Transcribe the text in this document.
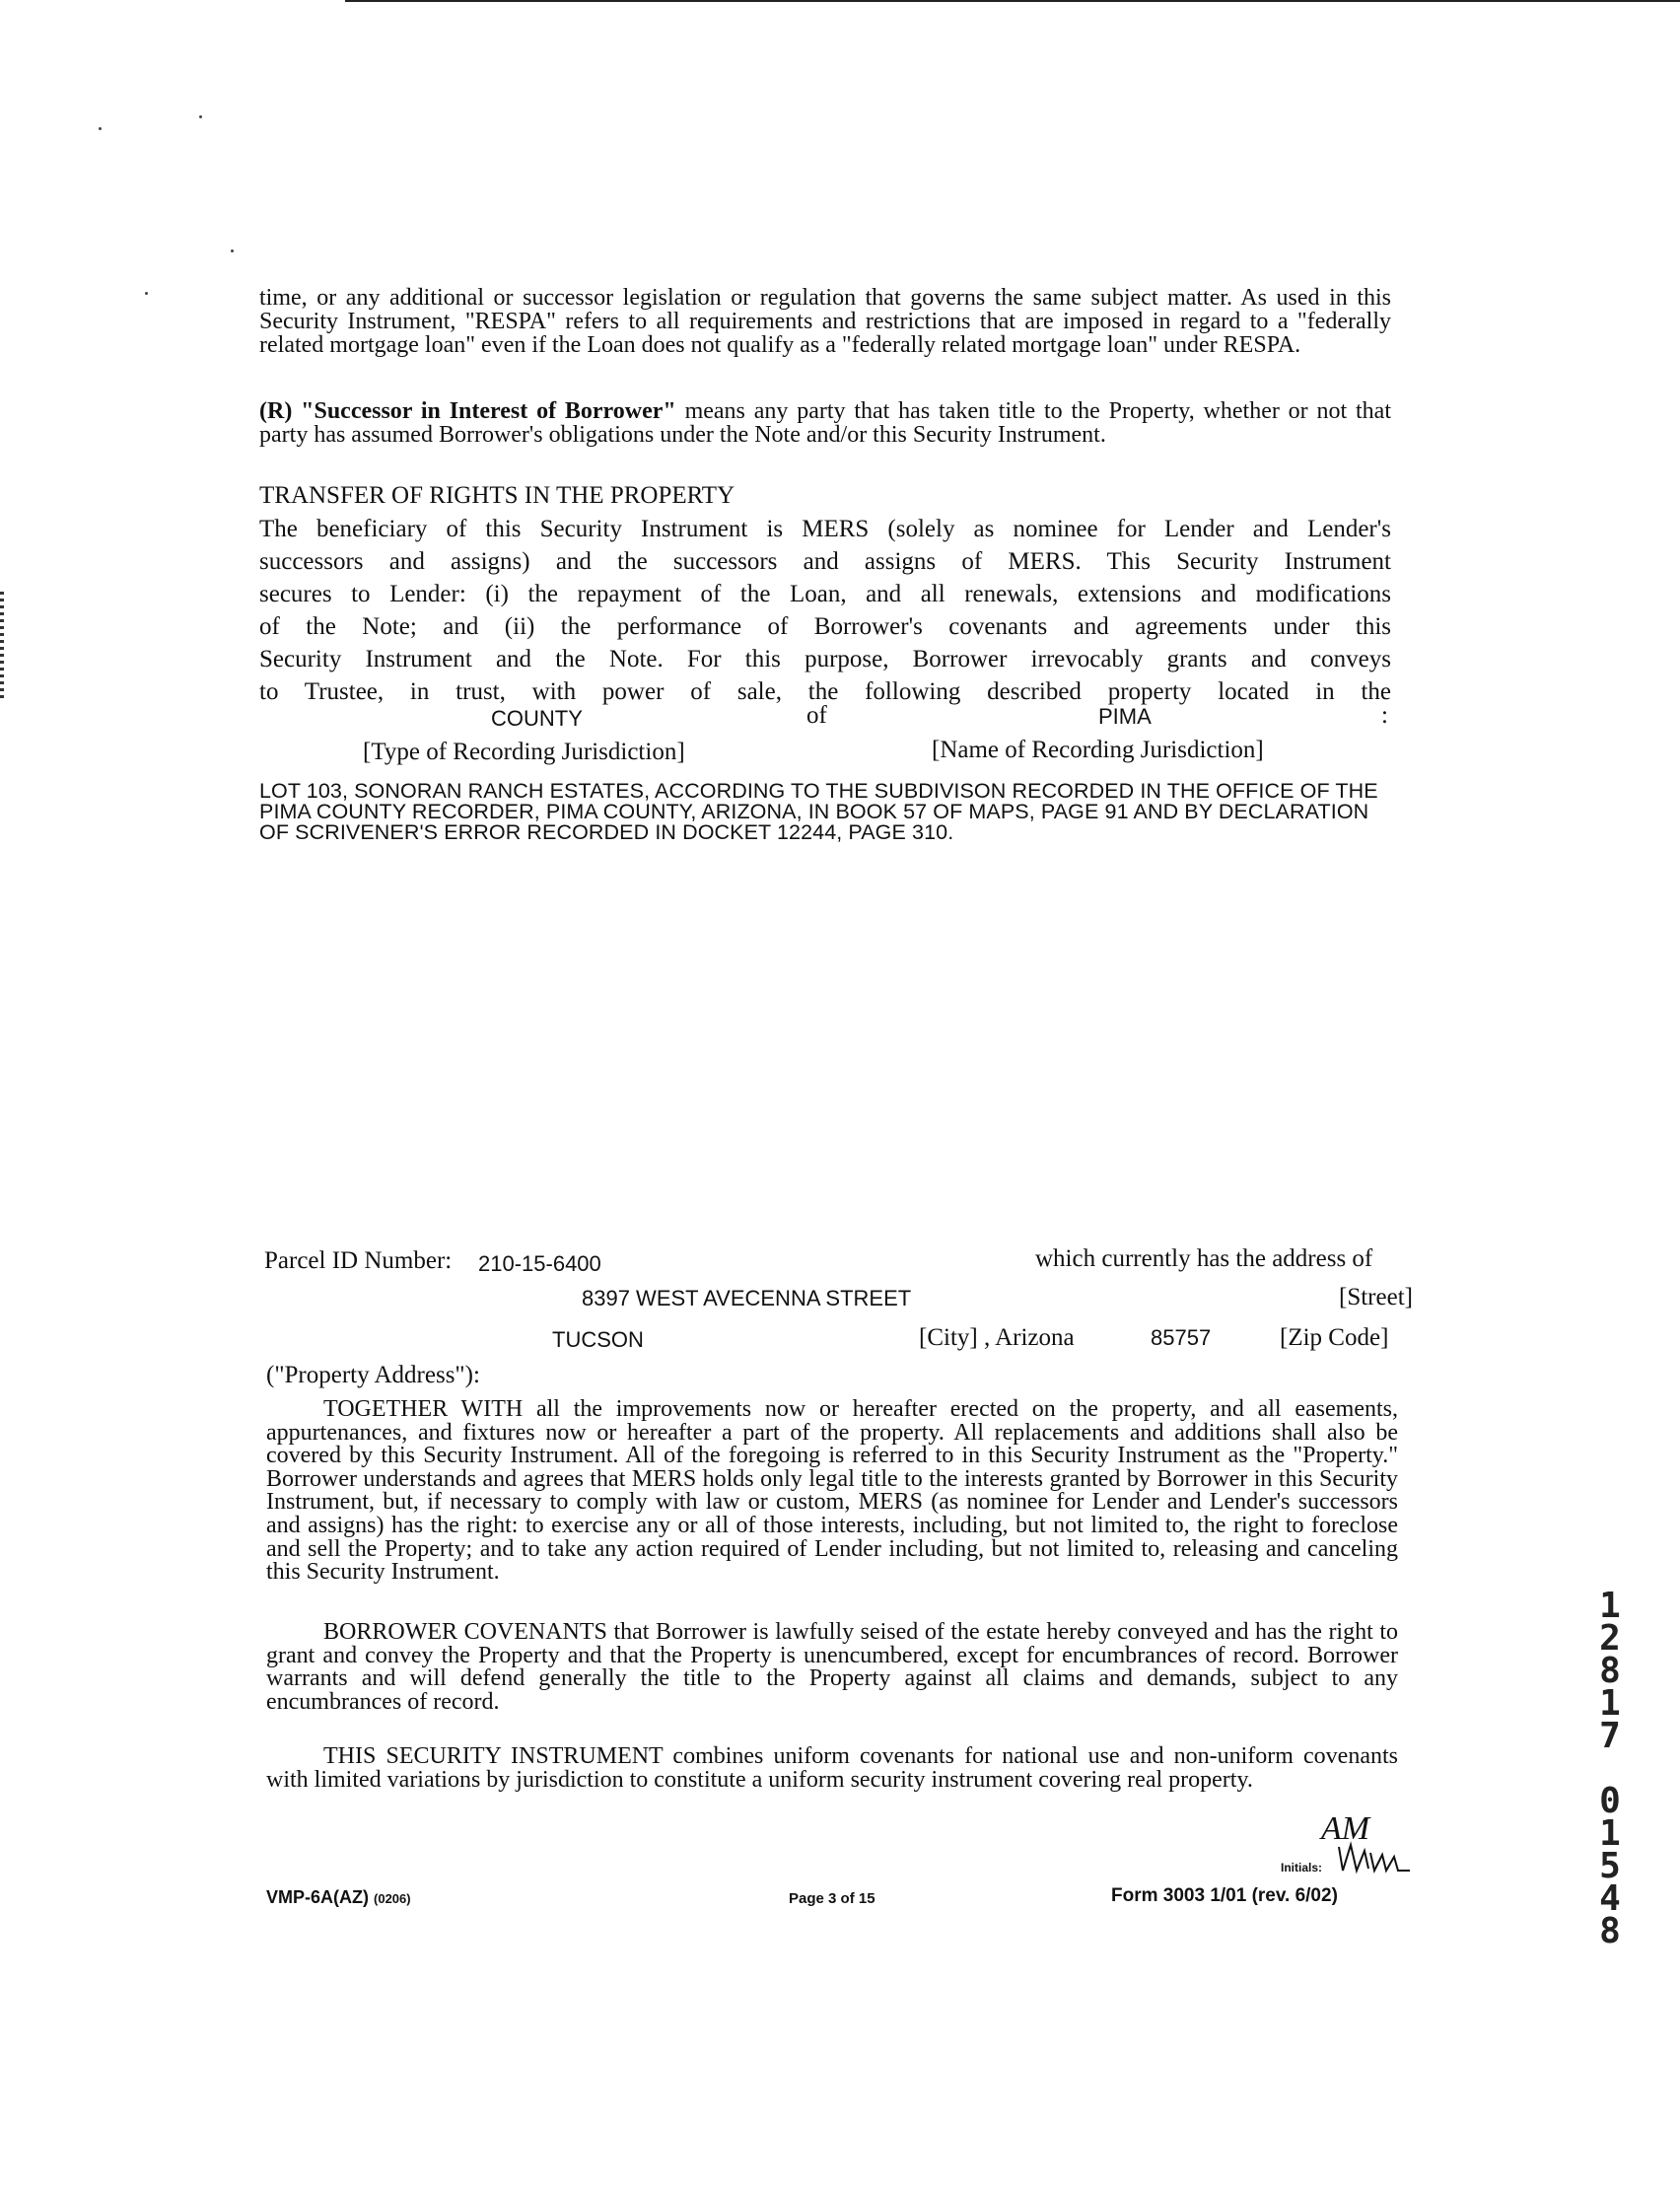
time, or any additional or successor legislation or regulation that governs the same subject matter. As used in this Security Instrument, "RESPA" refers to all requirements and restrictions that are imposed in regard to a "federally related mortgage loan" even if the Loan does not qualify as a "federally related mortgage loan" under RESPA.
(R) "Successor in Interest of Borrower" means any party that has taken title to the Property, whether or not that party has assumed Borrower's obligations under the Note and/or this Security Instrument.
TRANSFER OF RIGHTS IN THE PROPERTY
The beneficiary of this Security Instrument is MERS (solely as nominee for Lender and Lender's
successors and assigns) and the successors and assigns of MERS. This Security Instrument
secures to Lender: (i) the repayment of the Loan, and all renewals, extensions and modifications
of the Note; and (ii) the performance of Borrower's covenants and agreements under this
Security Instrument and the Note. For this purpose, Borrower irrevocably grants and conveys
to Trustee, in trust, with power of sale, the following described property located in the
COUNTY	of	PIMA	:
[Type of Recording Jurisdiction]	[Name of Recording Jurisdiction]
LOT 103, SONORAN RANCH ESTATES, ACCORDING TO THE SUBDIVISON RECORDED IN THE OFFICE OF THE PIMA COUNTY RECORDER, PIMA COUNTY, ARIZONA, IN BOOK 57 OF MAPS, PAGE 91 AND BY DECLARATION OF SCRIVENER'S ERROR RECORDED IN DOCKET 12244, PAGE 310.
Parcel ID Number: 210-15-6400	which currently has the address of
8397 WEST AVECENNA STREET	[Street]
TUCSON	[City] , Arizona	85757	[Zip Code]
("Property Address"):
TOGETHER WITH all the improvements now or hereafter erected on the property, and all easements, appurtenances, and fixtures now or hereafter a part of the property. All replacements and additions shall also be covered by this Security Instrument. All of the foregoing is referred to in this Security Instrument as the "Property." Borrower understands and agrees that MERS holds only legal title to the interests granted by Borrower in this Security Instrument, but, if necessary to comply with law or custom, MERS (as nominee for Lender and Lender's successors and assigns) has the right: to exercise any or all of those interests, including, but not limited to, the right to foreclose and sell the Property; and to take any action required of Lender including, but not limited to, releasing and canceling this Security Instrument.
BORROWER COVENANTS that Borrower is lawfully seised of the estate hereby conveyed and has the right to grant and convey the Property and that the Property is unencumbered, except for encumbrances of record. Borrower warrants and will defend generally the title to the Property against all claims and demands, subject to any encumbrances of record.
THIS SECURITY INSTRUMENT combines uniform covenants for national use and non-uniform covenants with limited variations by jurisdiction to constitute a uniform security instrument covering real property.
AM
Initials:
VMP-6A(AZ) (0206)	Page 3 of 15	Form 3003 1/01 (rev. 6/02)
1
2
8
1
7

0
1
5
4
8
